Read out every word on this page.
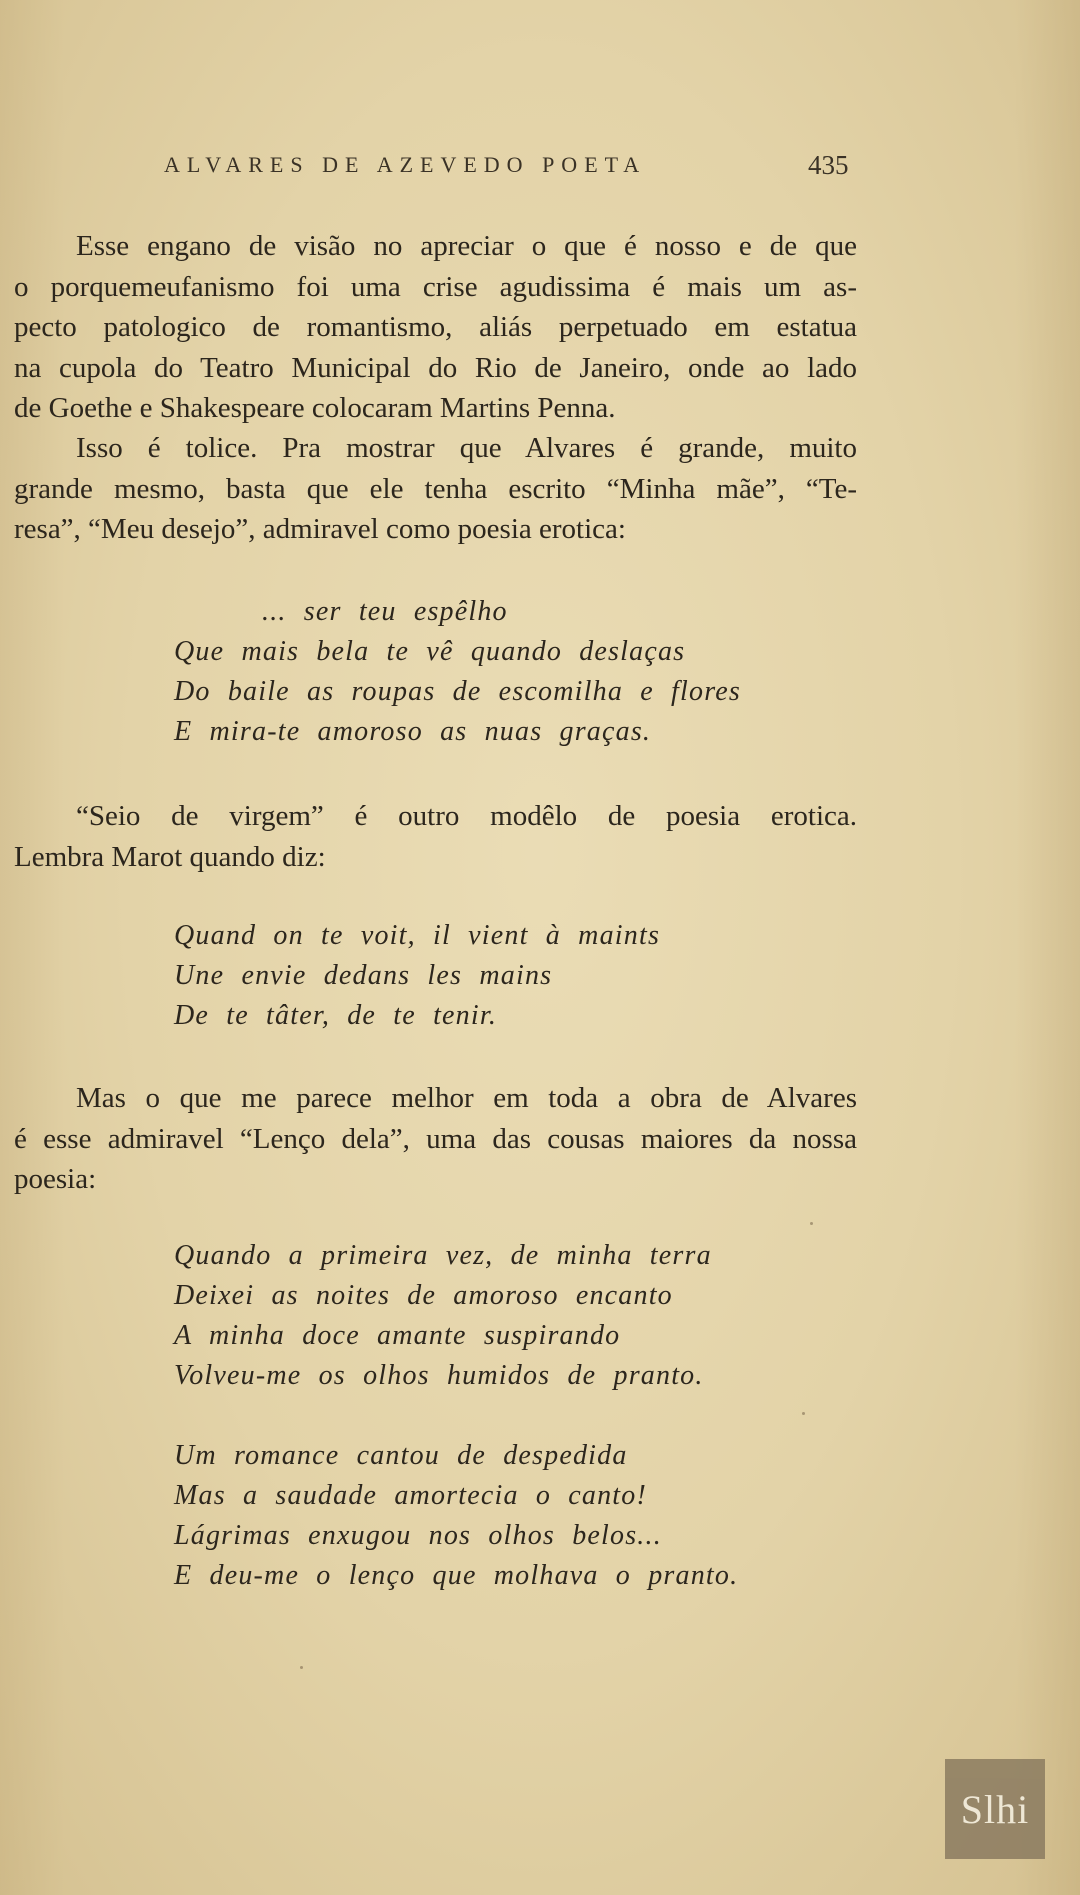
ALVARES DE AZEVEDO POETA	435
Esse engano de visão no apreciar o que é nosso e de que
o porquemeufanismo foi uma crise agudissima é mais um as-
pecto patologico de romantismo, aliás perpetuado em estatua
na cupola do Teatro Municipal do Rio de Janeiro, onde ao lado
de Goethe e Shakespeare colocaram Martins Penna.
Isso é tolice. Pra mostrar que Alvares é grande, muito
grande mesmo, basta que ele tenha escrito “Minha mãe”, “Te-
resa”, “Meu desejo”, admiravel como poesia erotica:
... ser teu espêlho
Que mais bela te vê quando deslaças
Do baile as roupas de escomilha e flores
E mira-te amoroso as nuas graças.
“Seio de virgem” é outro modêlo de poesia erotica.
Lembra Marot quando diz:
Quand on te voit, il vient à maints
Une envie dedans les mains
De te tâter, de te tenir.
Mas o que me parece melhor em toda a obra de Alvares
é esse admiravel “Lenço dela”, uma das cousas maiores da nossa
poesia:
Quando a primeira vez, de minha terra
Deixei as noites de amoroso encanto
A minha doce amante suspirando
Volveu-me os olhos humidos de pranto.
Um romance cantou de despedida
Mas a saudade amortecia o canto!
Lágrimas enxugou nos olhos belos...
E deu-me o lenço que molhava o pranto.
Slhi
